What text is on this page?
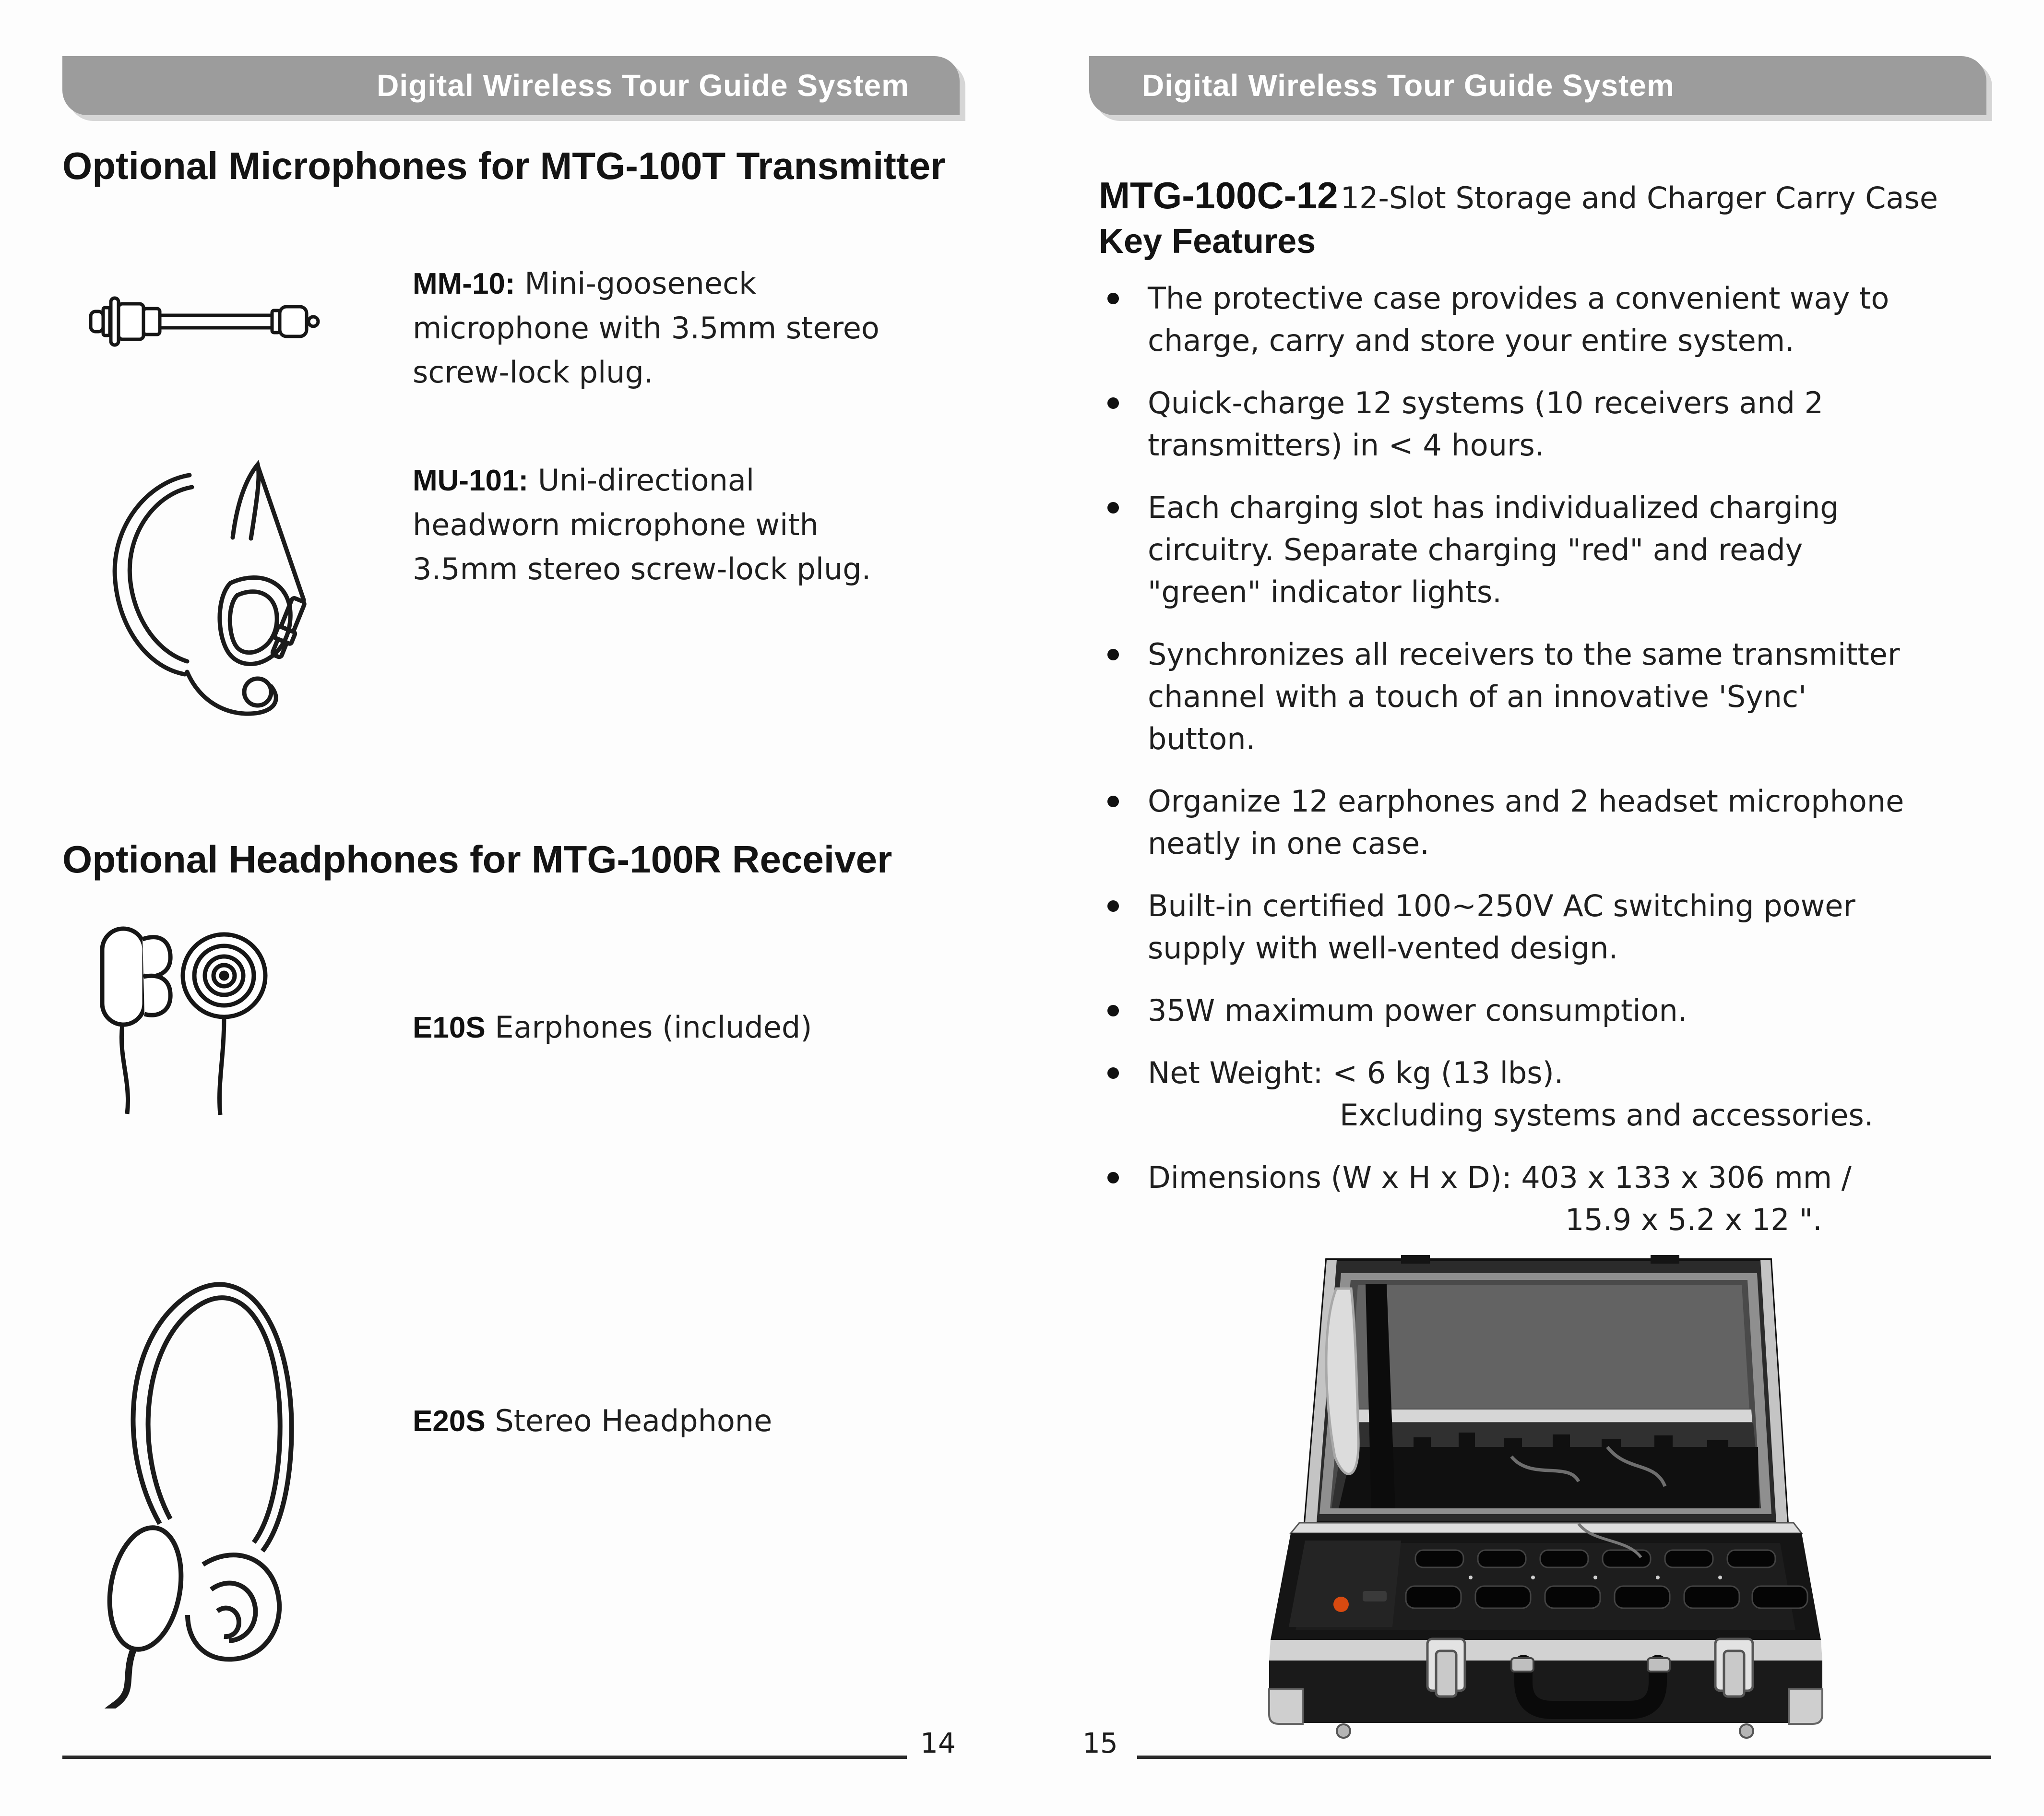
Digital Wireless Tour Guide System
Optional Microphones for MTG-100T Transmitter
MM-10: Mini-gooseneck
microphone with 3.5mm stereo
screw-lock plug.
MU-101: Uni-directional
headworn microphone with
3.5mm stereo screw-lock plug.
Optional Headphones for MTG-100R Receiver
E10S Earphones (included)
E20S Stereo Headphone
14
Digital Wireless Tour Guide System
MTG-100C-12 12-Slot Storage and Charger Carry Case
Key Features
The protective case provides a convenient way to
charge, carry and store your entire system.
Quick-charge 12 systems (10 receivers and 2
transmitters) in < 4 hours.
Each charging slot has individualized charging
circuitry. Separate charging "red" and ready
"green" indicator lights.
Synchronizes all receivers to the same transmitter
channel with a touch of an innovative 'Sync'
button.
Organize 12 earphones and 2 headset microphone
neatly in one case.
Built-in certified 100~250V AC switching power
supply with well-vented design.
35W maximum power consumption.
Net Weight: < 6 kg (13 lbs).
Excluding systems and accessories.
Dimensions (W x H x D): 403 x 133 x 306 mm /
15.9 x 5.2 x 12 ".
15
